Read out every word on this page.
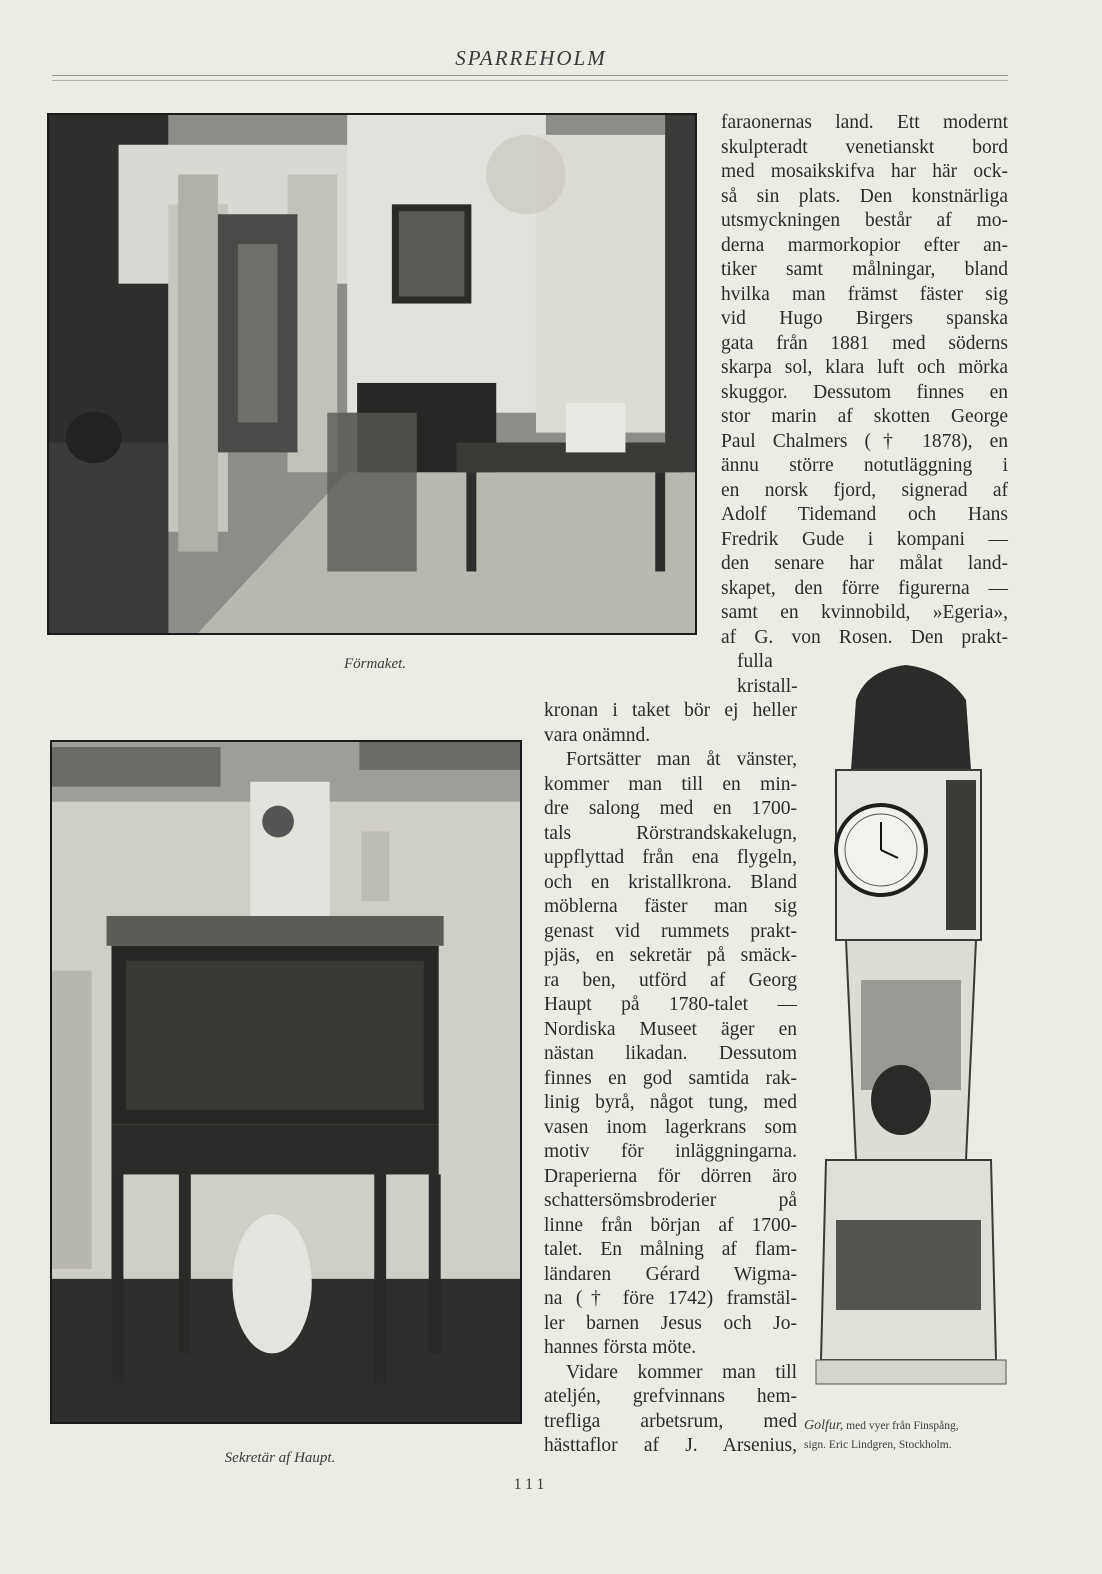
SPARREHOLM
Förmaket.
Sekretär af Haupt.
Golfur, med vyer från Finspång,
sign. Eric Lindgren, Stockholm.
faraonernas land. Ett modernt
skulpteradt venetianskt bord
med mosaikskifva har här ock-
så sin plats. Den konstnärliga
utsmyckningen består af mo-
derna marmorkopior efter an-
tiker samt målningar, bland
hvilka man främst fäster sig
vid Hugo Birgers spanska
gata från 1881 med söderns
skarpa sol, klara luft och mörka
skuggor. Dessutom finnes en
stor marin af skotten George
Paul Chalmers († 1878), en
ännu större notutläggning i
en norsk fjord, signerad af
Adolf Tidemand och Hans
Fredrik Gude i kompani —
den senare har målat land-
skapet, den förre figurerna —
samt en kvinnobild, »Egeria»,
af G. von Rosen. Den prakt-
fulla
kristall-
kronan i taket bör ej heller
vara onämnd.
Fortsätter man åt vänster,
kommer man till en min-
dre salong med en 1700-
tals Rörstrandskakelugn,
uppflyttad från ena flygeln,
och en kristallkrona. Bland
möblerna fäster man sig
genast vid rummets prakt-
pjäs, en sekretär på smäck-
ra ben, utförd af Georg
Haupt på 1780-talet —
Nordiska Museet äger en
nästan likadan. Dessutom
finnes en god samtida rak-
linig byrå, något tung, med
vasen inom lagerkrans som
motiv för inläggningarna.
Draperierna för dörren äro
schattersömsbroderier på
linne från början af 1700-
talet. En målning af flam-
ländaren Gérard Wigma-
na († före 1742) framstäl-
ler barnen Jesus och Jo-
hannes första möte.
Vidare kommer man till
ateljén, grefvinnans hem-
trefliga arbetsrum, med
hästtaflor af J. Arsenius,
111
